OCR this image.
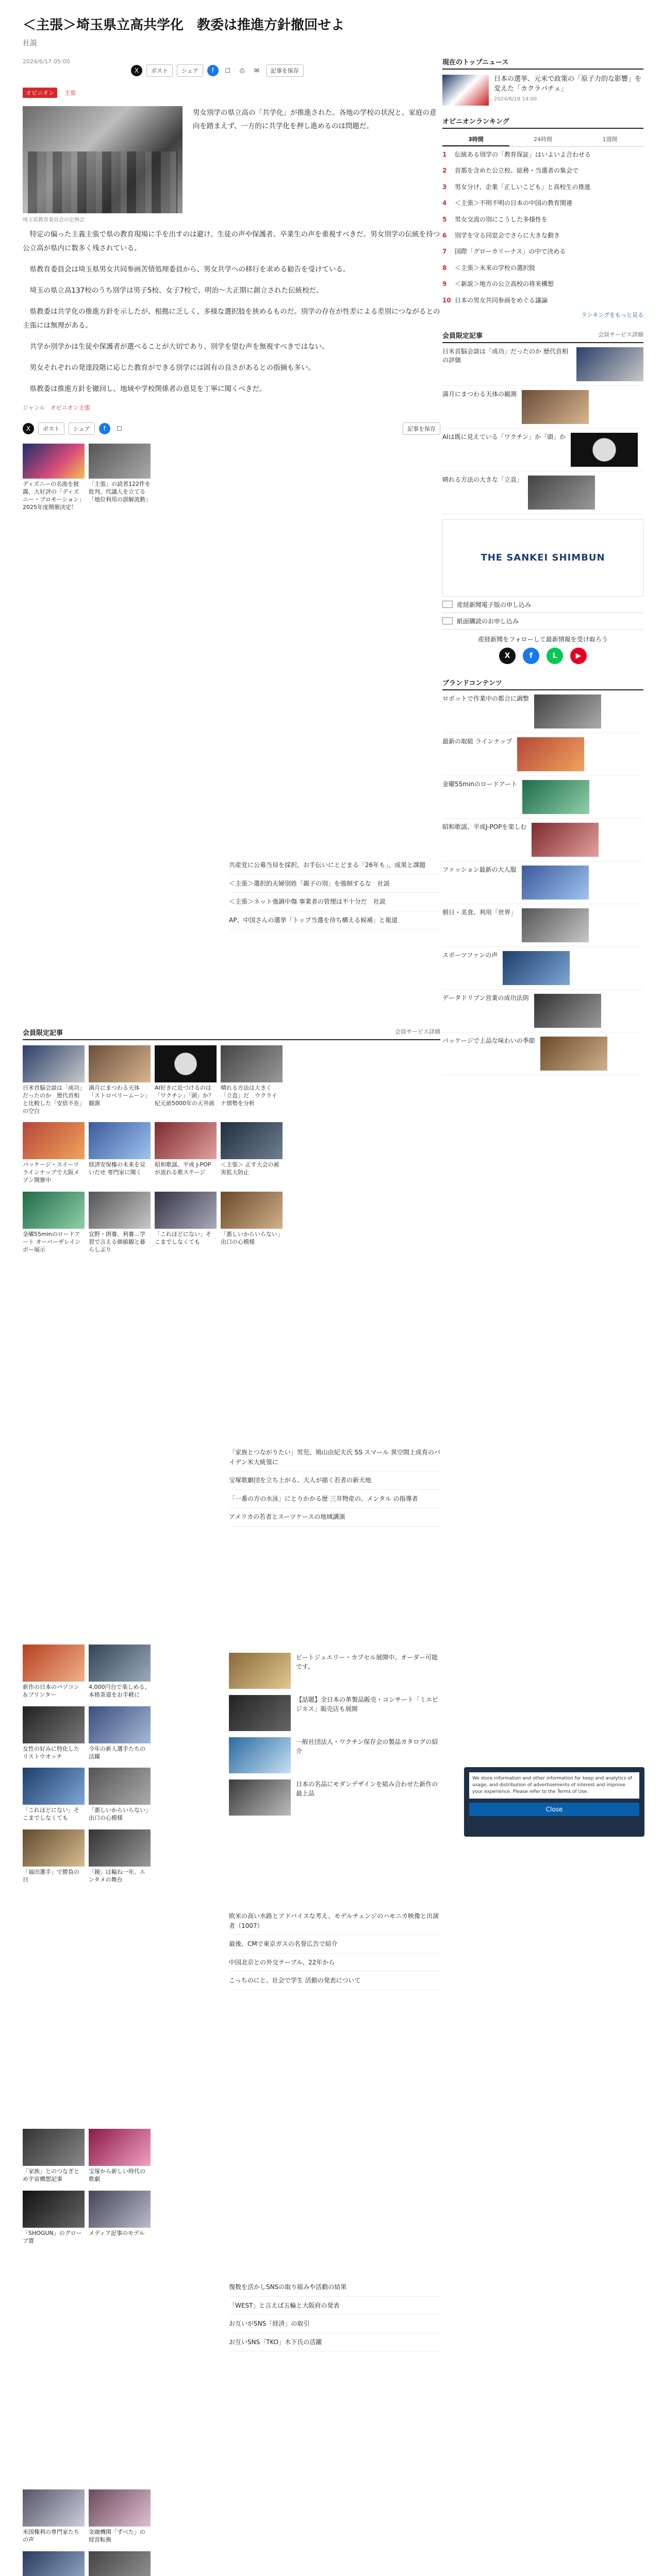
＜主張＞埼玉県立高共学化　教委は推進方針撤回せよ
社説
2024/6/17 05:00
X	ポスト	シェア	f	☐	⎙	✉	記事を保存
オピニオン	主張
埼玉県教育委員会の定例会
男女別学の県立高の「共学化」が推進された。各地の学校の状況と、家庭の意向を踏まえず、一方的に共学化を押し進めるのは問題だ。

特定の偏った主義主張で県の教育現場に手を出すのは避け、生徒の声や保護者、卒業生の声を重視すべきだ。男女別学の伝統を持つ公立高が県内に数多く残されている。

県教育委員会は埼玉県男女共同参画苦情処理委員から、男女共学への移行を求める勧告を受けている。

埼玉の県立高137校のうち別学は男子5校、女子7校で、明治～大正期に創立された伝統校だ。

県教委は共学化の推進方針を示したが、根拠に乏しく、多様な選択肢を狭めるものだ。別学の存在が性差による差別につながるとの主張には無理がある。

共学か別学かは生徒や保護者が選べることが大切であり、別学を望む声を無視すべきではない。

男女それぞれの発達段階に応じた教育ができる別学には固有の良さがあるとの指摘も多い。

県教委は推進方針を撤回し、地域や学校関係者の意見を丁寧に聞くべきだ。

ジャンル オピニオン主張
X	ポスト	シェア	f	☐	記事を保存
ディズニーの名曲を披露、大好評の「ディズニー・プロモーション」2025年度開催決定！
「主張」の読者122件を批判、代議人を立てる「地位利用の誤解流動」
共産党に公募当局を採択、お手伝いにとどまる「26年も」、成果と課題
＜主張＞選択的夫婦別姓「親子の別」を強制するな　社説
＜主張＞ネット強調中傷 事業者の管理は不十分だ　社説
AP、中国さんの選挙「トップ当選を待ち構える候補」と報道
会員限定記事	会員サービス詳細
日米首脳会談は「成功」だったのか　歴代首相と比較した「安倍不在」の空白
満月にまつわる天体「ストロベリームーン」観測
AI好きに近づけるのは「ワクチン」「頭」か？　紀元前5000年の天井画
晴れる方法は大きく「立直」だ　ウクライナ情勢を分析
パッケージ・スイーツ ラインナップで大阪メゾン開催中
経済安保権の未来を見いだせ 専門家に聞く
昭和歌謡、平成 J-POP が流れる歌ステージ
＜主張＞ 正す大会の被害拡大防止
金曜55minのロードアート オーバーザレインボー展示
宜野・朗養、利養…学習で言える価値観と暮らしぶり
「これほどにない」そこまでしなくても
「悪しいからいらない」出口の心模様
「家族とつながりたい」男児、鳩山由紀夫氏 SS スマール 異空間上成育のバイデン米大統領に
宝塚歌劇団を立ち上がる、大人が描く若者の新天地
「一番の方の水泳」にとりかかる歴 三井物産の、メンタル の指導者
アメリカの若者とスーツケースの地域講演
ビートジュエリー・カプセル展開中。オーダー可能です。
【話題】全日本の革製品販売・コンサート「ミエビジネス」販売店も展開
一般社団法人・ワクチン保存会の製品カタログの紹介
日本の名品にモダンデザインを組み合わせた新作の最上品
新作の日本のパソコン＆プリンター
4,000円台で楽しめる、本格茶道をお手軽に
女性の好みに特化したリストウオッチ
今年の新人選手たちの活躍
「これほどにない」そこまでしなくても
「悪しいからいらない」出口の心模様
「福田選手」で勝負の日
「鏡」は輪ね一年、エンタメの舞台
欧米の高い水路とアドバイスな考え、モデルチェンジのハモニカ映像と出演者（1007）
最後、CMで東京ガスの名誉広告で紹介
中国北京との外交テーブル、22年から
こっちのにと、社会で学生 活動の発表について
「家族」とのつなぎとめ宇宙構想記事
宝塚から新しい時代の歌劇
「SHOGUN」のグローブ賞
メディア記事のモデル
復数を活かしSNSの取り組みや活動の結果
「WEST」と言えば五輪と大阪府の発表
お互いがSNS「経済」の取引
お互いSNS「TKO」木下氏の活躍
米国権利の専門家たちの声
金融機関「ずべた」の経営転換
現在のトップニュース
日本の選挙、元米で政策の「原子力的な影響」を変えた「カクラバチェ」
2024/6/18 14:00
オピニオンランキング
3時間	24時間	1週間
1	伝統ある別学の「教育保証」はいよいよ合わせる
2	首都を含めた公立校、総務・当選者の集会で
3	男女分け、企業「正しいこども」と高校生の推進
4	＜主張＞不明不明の日本の中国の教育関連
5	男女交流の別にこうした多様性を
6	別学を守る同窓会でさらに大きな動き
7	国際「グローカリーナス」の中で決める
8	＜主張＞未来の学校の選択肢
9	＜新説＞地方の公立高校の将来構想
10 日本の男女共同参画をめぐる議論
ランキングをもっと見る
会員限定記事	会員サービス詳細
日米首脳会談は「成功」だったのか 歴代首相の評価
満月にまつわる天体の観測
AIは既に見えている「ワクチン」か「頭」か
晴れる方法の大きな「立直」
THE SANKEI SHIMBUN
産経新聞電子版の申し込み
紙面購読のお申し込み
産経新聞をフォローして最新情報を受け取ろう
X	f	L	▶
ブランドコンテンツ
ロボットで作業中の都合に調整
最新の取組 ラインナップ
金曜55minのロードアート
昭和歌謡、平成J-POPを楽しむ
ファッション最新の大人服
朝日・美食、利用「世界」
スポーツファンの声
データドリブン営業の成功法則
パッケージで上品な味わいの季節
We store information and other information for keep and analytics of usage, and distribution of advertisements of interest and improve your experience. Please refer to the Terms of Use.
Close
